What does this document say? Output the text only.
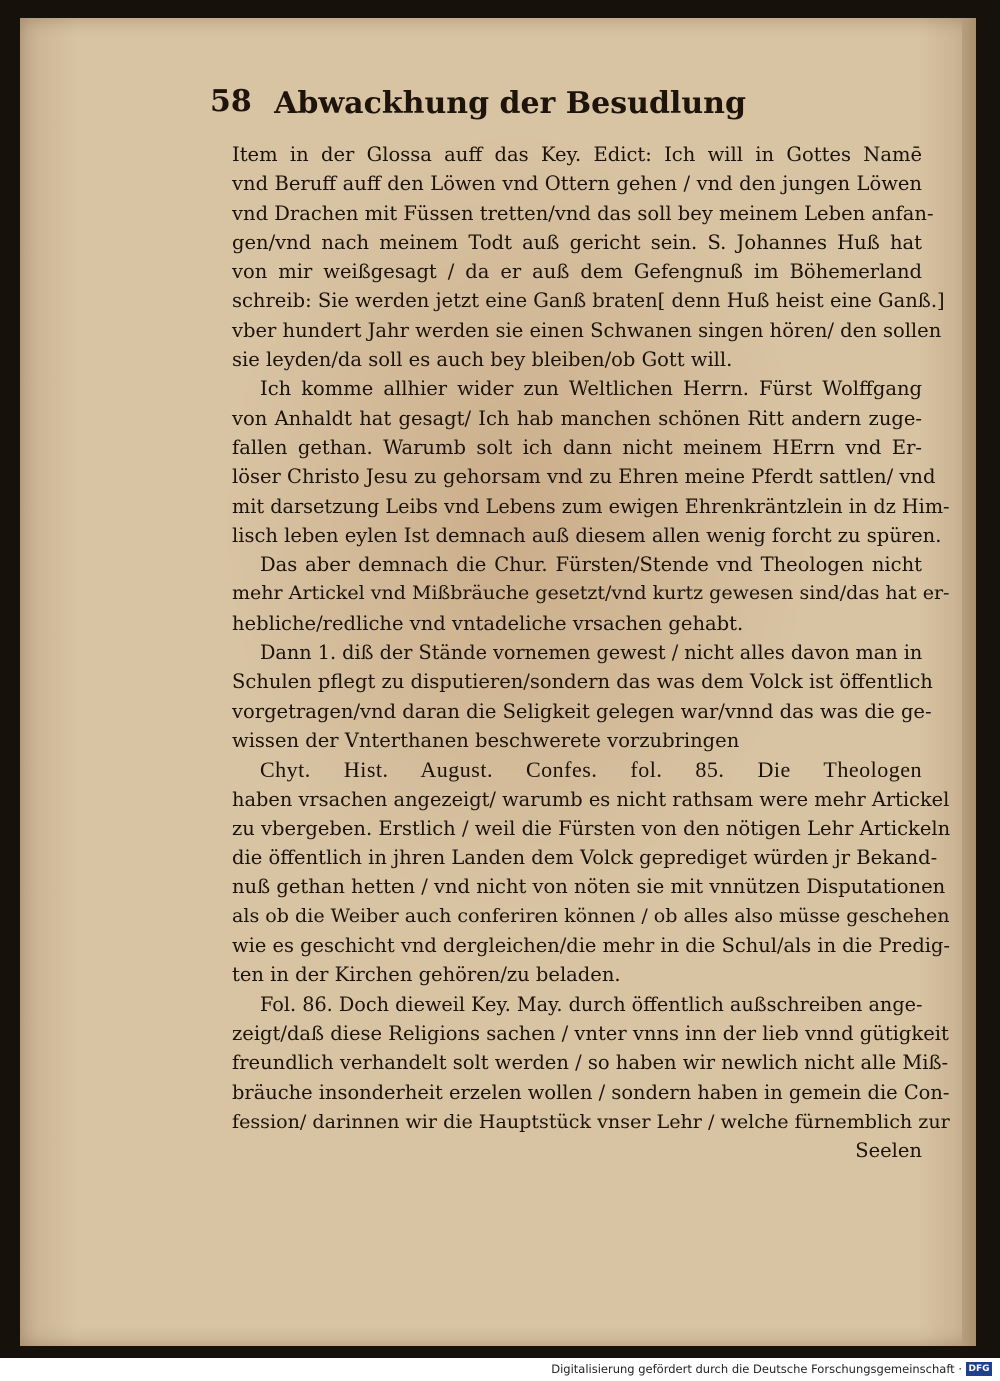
58 Abwackhung der Besudlung
Item in der Glossa auff das Key. Edict: Ich will in Gottes Namē
vnd Beruff auff den Löwen vnd Ottern gehen / vnd den jungen Löwen
vnd Drachen mit Füssen tretten/vnd das soll bey meinem Leben anfan-
gen/vnd nach meinem Todt auß gericht sein. S. Johannes Huß hat
von mir weißgesagt / da er auß dem Gefengnuß im Böhemerland
schreib: Sie werden jetzt eine Ganß braten[ denn Huß heist eine Ganß.]
vber hundert Jahr werden sie einen Schwanen singen hören/ den sollen
sie leyden/da soll es auch bey bleiben/ob Gott will.
Ich komme allhier wider zun Weltlichen Herrn. Fürst Wolffgang
von Anhaldt hat gesagt/ Ich hab manchen schönen Ritt andern zuge-
fallen gethan. Warumb solt ich dann nicht meinem HErrn vnd Er-
löser Christo Jesu zu gehorsam vnd zu Ehren meine Pferdt sattlen/ vnd
mit darsetzung Leibs vnd Lebens zum ewigen Ehrenkräntzlein in dz Him-
lisch leben eylen Ist demnach auß diesem allen wenig forcht zu spüren.
Das aber demnach die Chur. Fürsten/Stende vnd Theologen nicht
mehr Artickel vnd Mißbräuche gesetzt/vnd kurtz gewesen sind/das hat er-
hebliche/redliche vnd vntadeliche vrsachen gehabt.
Dann 1. diß der Stände vornemen gewest / nicht alles davon man in
Schulen pflegt zu disputieren/sondern das was dem Volck ist öffentlich
vorgetragen/vnd daran die Seligkeit gelegen war/vnnd das was die ge-
wissen der Vnterthanen beschwerete vorzubringen
Chyt. Hist. August. Confes. fol. 85. Die Theologen
haben vrsachen angezeigt/ warumb es nicht rathsam were mehr Artickel
zu vbergeben. Erstlich / weil die Fürsten von den nötigen Lehr Artickeln
die öffentlich in jhren Landen dem Volck geprediget würden jr Bekand-
nuß gethan hetten / vnd nicht von nöten sie mit vnnützen Disputationen
als ob die Weiber auch conferiren können / ob alles also müsse geschehen
wie es geschicht vnd dergleichen/die mehr in die Schul/als in die Predig-
ten in der Kirchen gehören/zu beladen.
Fol. 86. Doch dieweil Key. May. durch öffentlich außschreiben ange-
zeigt/daß diese Religions sachen / vnter vnns inn der lieb vnnd gütigkeit
freundlich verhandelt solt werden / so haben wir newlich nicht alle Miß-
bräuche insonderheit erzelen wollen / sondern haben in gemein die Con-
fession/ darinnen wir die Hauptstück vnser Lehr / welche fürnemblich zur
Seelen
Digitalisierung gefördert durch die Deutsche Forschungsgemeinschaft · DFG
